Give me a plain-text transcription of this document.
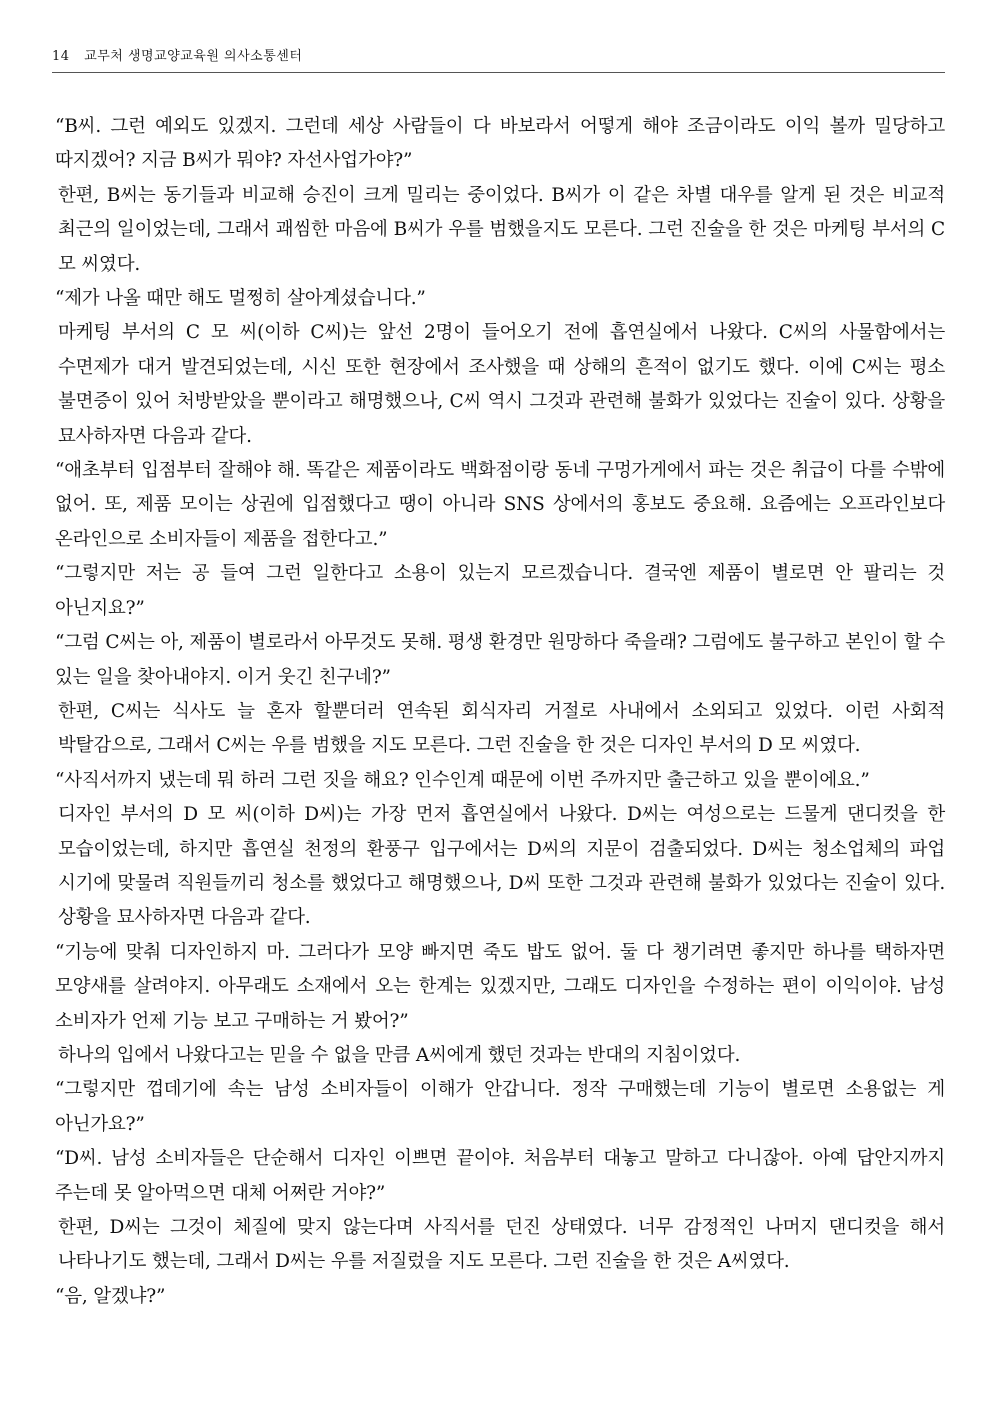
14 교무처 생명교양교육원 의사소통센터

“B씨. 그런 예외도 있겠지. 그런데 세상 사람들이 다 바보라서 어떻게 해야 조금이라도 이익 볼까 밀당하고 따지겠어? 지금 B씨가 뭐야? 자선사업가야?”

한편, B씨는 동기들과 비교해 승진이 크게 밀리는 중이었다. B씨가 이 같은 차별 대우를 알게 된 것은 비교적 최근의 일이었는데, 그래서 괘씸한 마음에 B씨가 우를 범했을지도 모른다. 그런 진술을 한 것은 마케팅 부서의 C 모 씨였다.

“제가 나올 때만 해도 멀쩡히 살아계셨습니다.”

마케팅 부서의 C 모 씨(이하 C씨)는 앞선 2명이 들어오기 전에 흡연실에서 나왔다. C씨의 사물함에서는 수면제가 대거 발견되었는데, 시신 또한 현장에서 조사했을 때 상해의 흔적이 없기도 했다. 이에 C씨는 평소 불면증이 있어 처방받았을 뿐이라고 해명했으나, C씨 역시 그것과 관련해 불화가 있었다는 진술이 있다. 상황을 묘사하자면 다음과 같다.

“애초부터 입점부터 잘해야 해. 똑같은 제품이라도 백화점이랑 동네 구멍가게에서 파는 것은 취급이 다를 수밖에 없어. 또, 제품 모이는 상권에 입점했다고 땡이 아니라 SNS 상에서의 홍보도 중요해. 요즘에는 오프라인보다 온라인으로 소비자들이 제품을 접한다고.”

“그렇지만 저는 공 들여 그런 일한다고 소용이 있는지 모르겠습니다. 결국엔 제품이 별로면 안 팔리는 것 아닌지요?”

“그럼 C씨는 아, 제품이 별로라서 아무것도 못해. 평생 환경만 원망하다 죽을래? 그럼에도 불구하고 본인이 할 수 있는 일을 찾아내야지. 이거 웃긴 친구네?”

한편, C씨는 식사도 늘 혼자 할뿐더러 연속된 회식자리 거절로 사내에서 소외되고 있었다. 이런 사회적 박탈감으로, 그래서 C씨는 우를 범했을 지도 모른다. 그런 진술을 한 것은 디자인 부서의 D 모 씨였다.

“사직서까지 냈는데 뭐 하러 그런 짓을 해요? 인수인계 때문에 이번 주까지만 출근하고 있을 뿐이에요.”

디자인 부서의 D 모 씨(이하 D씨)는 가장 먼저 흡연실에서 나왔다. D씨는 여성으로는 드물게 댄디컷을 한 모습이었는데, 하지만 흡연실 천정의 환풍구 입구에서는 D씨의 지문이 검출되었다. D씨는 청소업체의 파업 시기에 맞물려 직원들끼리 청소를 했었다고 해명했으나, D씨 또한 그것과 관련해 불화가 있었다는 진술이 있다. 상황을 묘사하자면 다음과 같다.

“기능에 맞춰 디자인하지 마. 그러다가 모양 빠지면 죽도 밥도 없어. 둘 다 챙기려면 좋지만 하나를 택하자면 모양새를 살려야지. 아무래도 소재에서 오는 한계는 있겠지만, 그래도 디자인을 수정하는 편이 이익이야. 남성 소비자가 언제 기능 보고 구매하는 거 봤어?”

하나의 입에서 나왔다고는 믿을 수 없을 만큼 A씨에게 했던 것과는 반대의 지침이었다.

“그렇지만 껍데기에 속는 남성 소비자들이 이해가 안갑니다. 정작 구매했는데 기능이 별로면 소용없는 게 아닌가요?”

“D씨. 남성 소비자들은 단순해서 디자인 이쁘면 끝이야. 처음부터 대놓고 말하고 다니잖아. 아예 답안지까지 주는데 못 알아먹으면 대체 어쩌란 거야?”

한편, D씨는 그것이 체질에 맞지 않는다며 사직서를 던진 상태였다. 너무 감정적인 나머지 댄디컷을 해서 나타나기도 했는데, 그래서 D씨는 우를 저질렀을 지도 모른다. 그런 진술을 한 것은 A씨였다.

“음, 알겠냐?”
